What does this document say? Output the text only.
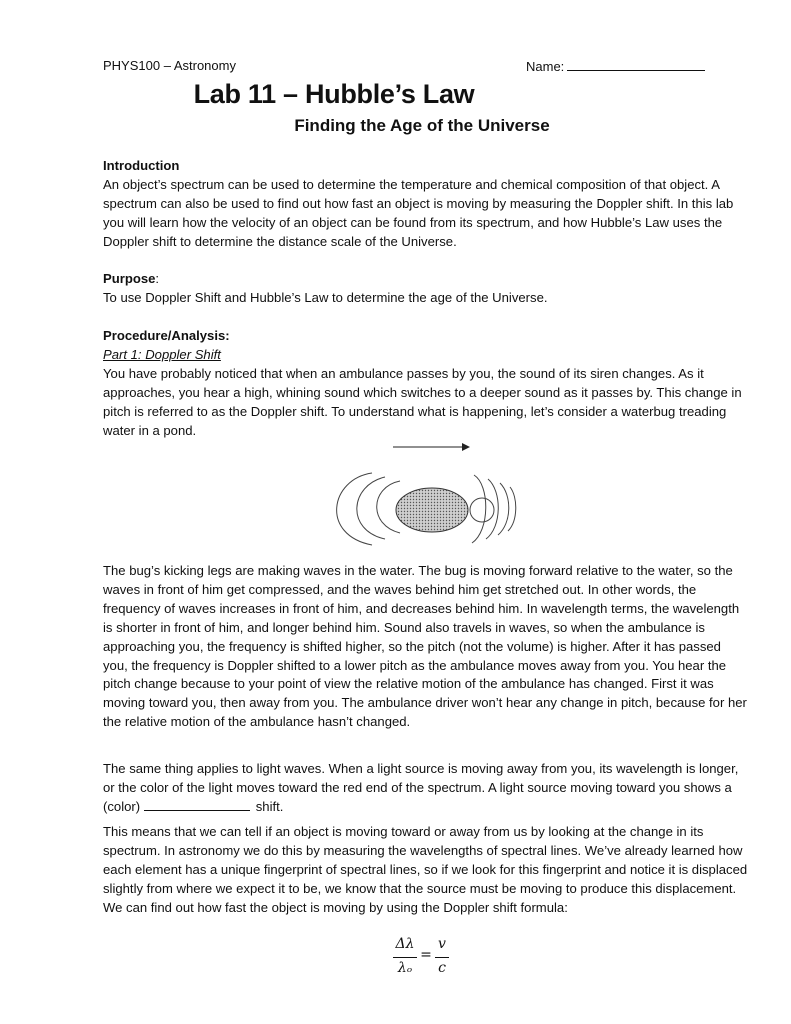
PHYS100 – Astronomy	Name:
Lab 11 – Hubble’s Law
Finding the Age of the Universe
Introduction
An object’s spectrum can be used to determine the temperature and chemical composition of that object. A spectrum can also be used to find out how fast an object is moving by measuring the Doppler shift. In this lab you will learn how the velocity of an object can be found from its spectrum, and how Hubble’s Law uses the Doppler shift to determine the distance scale of the Universe.
Purpose:
To use Doppler Shift and Hubble’s Law to determine the age of the Universe.
Procedure/Analysis:
Part 1: Doppler Shift
You have probably noticed that when an ambulance passes by you, the sound of its siren changes. As it approaches, you hear a high, whining sound which switches to a deeper sound as it passes by. This change in pitch is referred to as the Doppler shift. To understand what is happening, let’s consider a waterbug treading water in a pond.
The bug’s kicking legs are making waves in the water. The bug is moving forward relative to the water, so the waves in front of him get compressed, and the waves behind him get stretched out. In other words, the frequency of waves increases in front of him, and decreases behind him. In wavelength terms, the wavelength is shorter in front of him, and longer behind him. Sound also travels in waves, so when the ambulance is approaching you, the frequency is shifted higher, so the pitch (not the volume) is higher. After it has passed you, the frequency is Doppler shifted to a lower pitch as the ambulance moves away from you. You hear the pitch change because to your point of view the relative motion of the ambulance has changed. First it was moving toward you, then away from you. The ambulance driver won’t hear any change in pitch, because for her the relative motion of the ambulance hasn’t changed.
The same thing applies to light waves. When a light source is moving away from you, its wavelength is longer, or the color of the light moves toward the red end of the spectrum. A light source moving toward you shows a (color)	shift.
This means that we can tell if an object is moving toward or away from us by looking at the change in its spectrum. In astronomy we do this by measuring the wavelengths of spectral lines. We’ve already learned how each element has a unique fingerprint of spectral lines, so if we look for this fingerprint and notice it is displaced slightly from where we expect it to be, we know that the source must be moving to produce this displacement. We can find out how fast the object is moving by using the Doppler shift formula:
Δλ
λₒ
=
v
c
